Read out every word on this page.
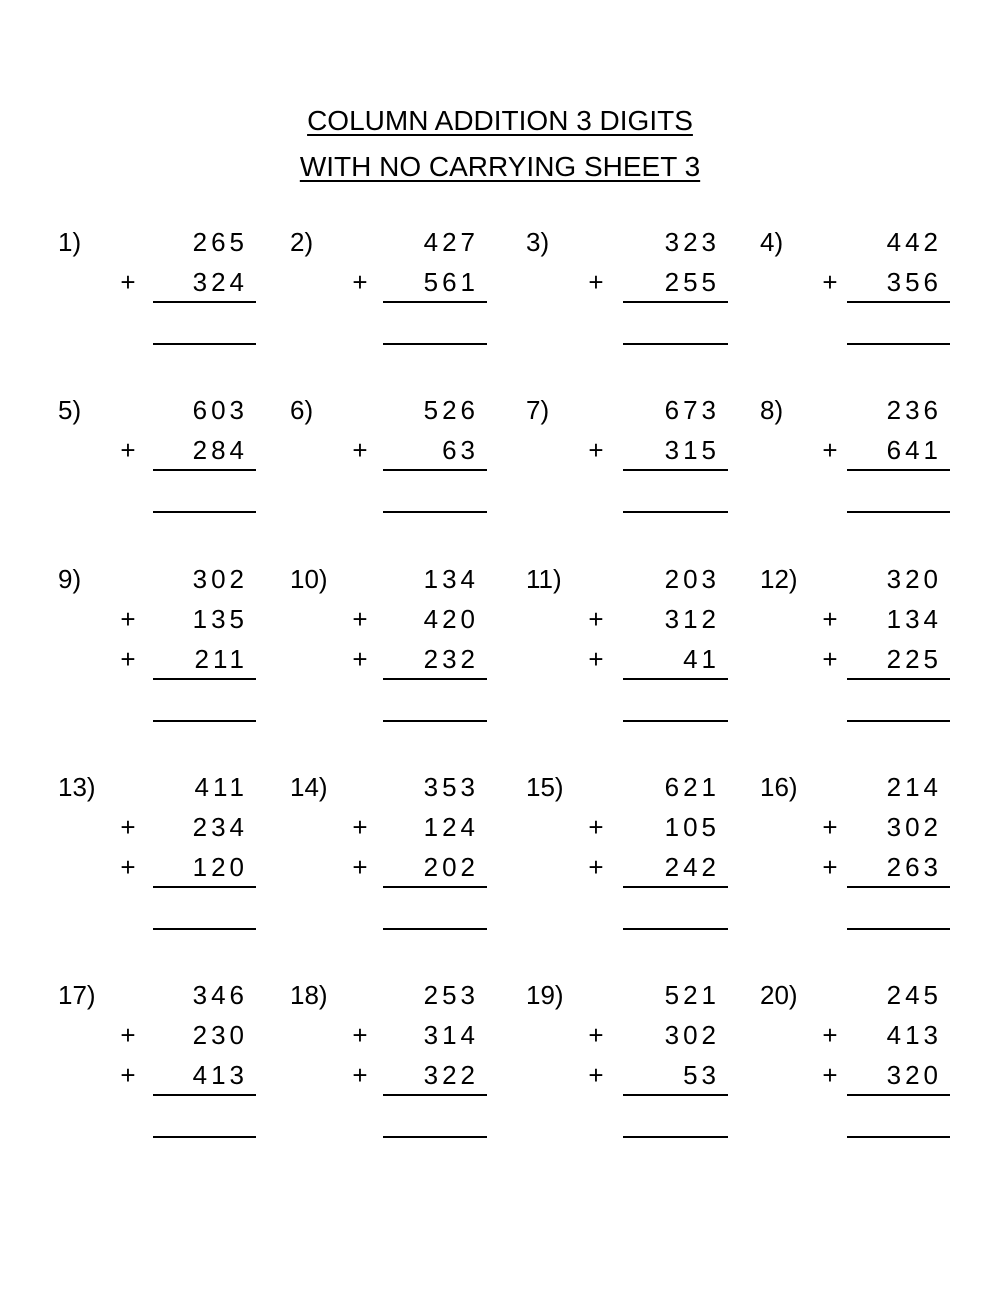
COLUMN ADDITION 3 DIGITS
WITH NO CARRYING SHEET 3
1)	265
+	324
2)	427
+	561
3)	323
+	255
4)	442
+	356
5)	603
+	284
6)	526
+	63
7)	673
+	315
8)	236
+	641
9)	302
+	135
+	211
10)	134
+	420
+	232
11)	203
+	312
+	41
12)	320
+	134
+	225
13)	411
+	234
+	120
14)	353
+	124
+	202
15)	621
+	105
+	242
16)	214
+	302
+	263
17)	346
+	230
+	413
18)	253
+	314
+	322
19)	521
+	302
+	53
20)	245
+	413
+	320
